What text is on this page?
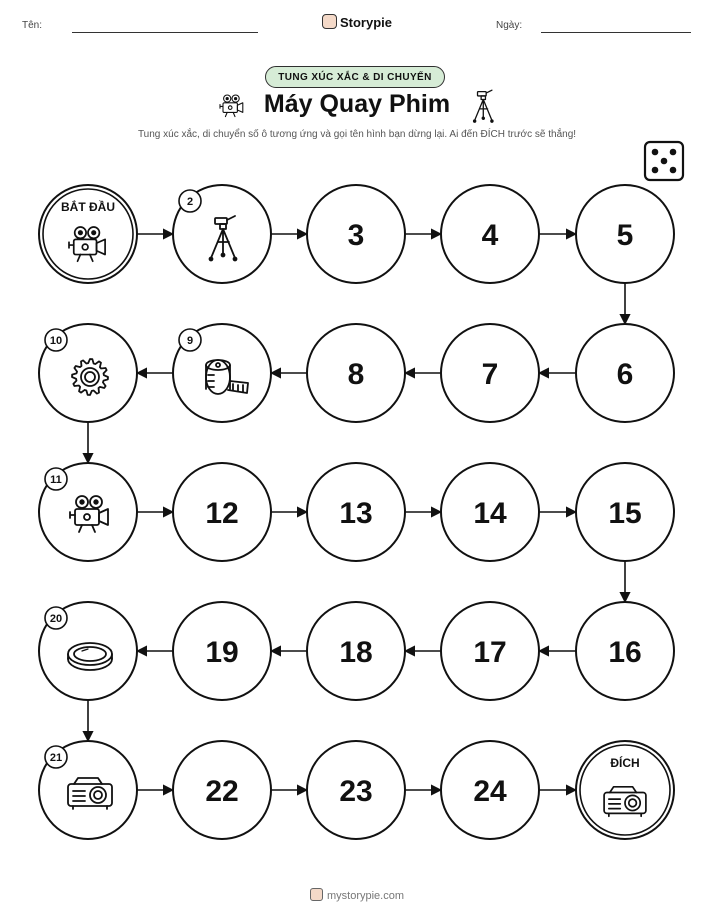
Tên:	Storypie	Ngày:
TUNG XÚC XẮC & DI CHUYỂN
Máy Quay Phim
Tung xúc xắc, di chuyển số ô tương ứng và gọi tên hình bạn dừng lại. Ai đến ĐÍCH trước sẽ thắng!
BẮT ĐẦU	2
3	4	5
6
7
8
9
10
11
12	13	14	15
16
17
18
19
20
21
22	23	24
ĐÍCH
mystorypie.com
